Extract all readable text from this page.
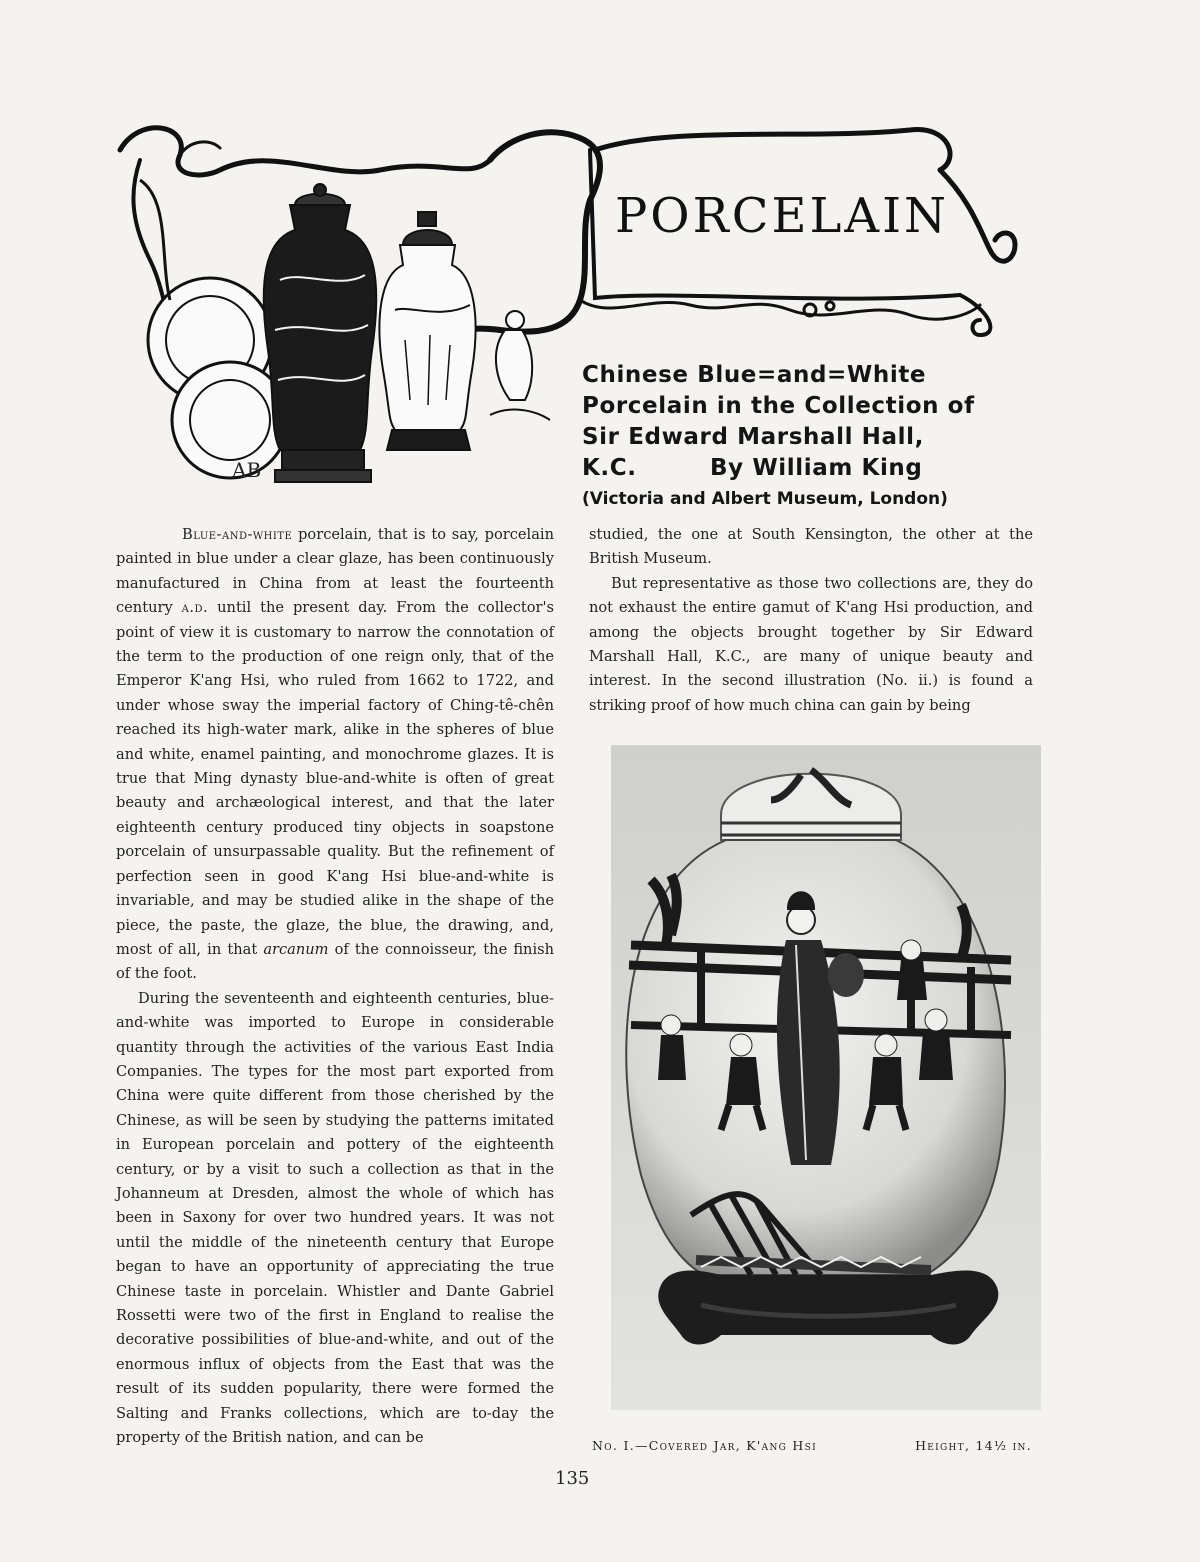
PORCELAIN
AB
Chinese Blue=and=White
Porcelain in the Collection of
Sir Edward Marshall Hall,
K.C.	By William King
(Victoria and Albert Museum, London)

Blue-and-white porcelain, that is to say, porcelain painted in blue under a clear glaze, has been continuously manufactured in China from at least the fourteenth century a.d. until the present day. From the collector's point of view it is customary to narrow the connotation of the term to the production of one reign only, that of the Emperor K'ang Hsi, who ruled from 1662 to 1722, and under whose sway the imperial factory of Ching-tê-chên reached its high-water mark, alike in the spheres of blue and white, enamel painting, and monochrome glazes. It is true that Ming dynasty blue-and-white is often of great beauty and archæological interest, and that the later eighteenth century produced tiny objects in soapstone porcelain of unsurpassable quality. But the refinement of perfection seen in good K'ang Hsi blue-and-white is invariable, and may be studied alike in the shape of the piece, the paste, the glaze, the blue, the drawing, and, most of all, in that arcanum of the connoisseur, the finish of the foot.

During the seventeenth and eighteenth centuries, blue-and-white was imported to Europe in considerable quantity through the activities of the various East India Companies. The types for the most part exported from China were quite different from those cherished by the Chinese, as will be seen by studying the patterns imitated in European porcelain and pottery of the eighteenth century, or by a visit to such a collection as that in the Johanneum at Dresden, almost the whole of which has been in Saxony for over two hundred years. It was not until the middle of the nineteenth century that Europe began to have an opportunity of appreciating the true Chinese taste in porcelain. Whistler and Dante Gabriel Rossetti were two of the first in England to realise the decorative possibilities of blue-and-white, and out of the enormous influx of objects from the East that was the result of its sudden popularity, there were formed the Salting and Franks collections, which are to-day the property of the British nation, and can be

studied, the one at South Kensington, the other at the British Museum.

But representative as those two collections are, they do not exhaust the entire gamut of K'ang Hsi production, and among the objects brought together by Sir Edward Marshall Hall, K.C., are many of unique beauty and interest. In the second illustration (No. ii.) is found a striking proof of how much china can gain by being

No. I.—Covered Jar, K'ang Hsi	Height, 14½ in.
135
